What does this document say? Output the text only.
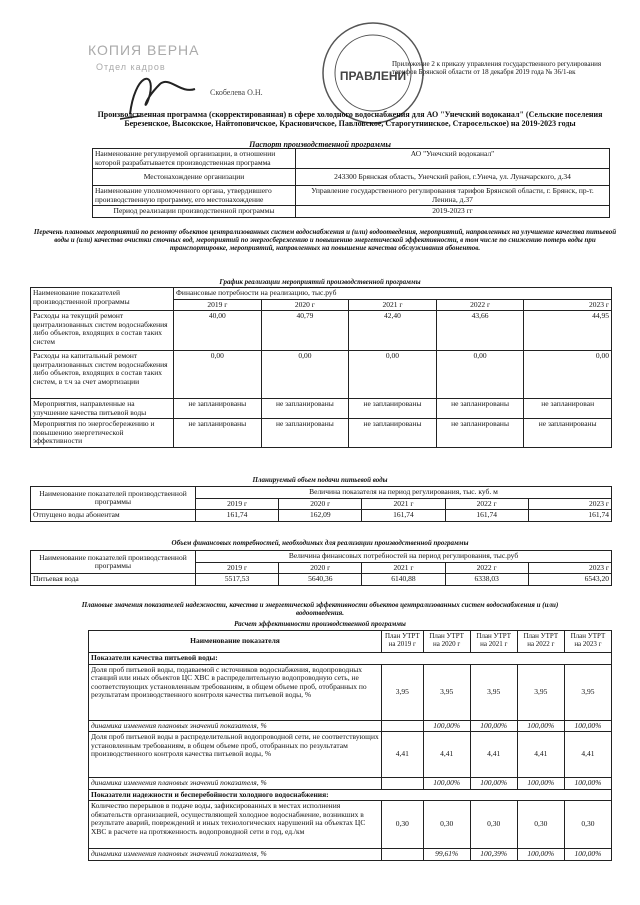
КОПИЯ ВЕРНА
Отдел кадров
Скобелева О.Н.
ПРАВЛЕНИ
Приложение 2 к приказу управления государственного регулирования тарифов Брянской области от 18 декабря 2019 года № 36/1-вк
Производственная программа (скорректированная) в сфере холодного водоснабжения для АО "Унечский водоканал" (Сельские поселения Березенское, Высокское, Найтоповичское, Красновичское, Павловское, Старогутнинское, Старосельское) на 2019-2023 годы
Паспорт производственной программы
Наименование регулируемой организации, в отношении которой разрабатывается производственная программа	АО "Унечский водоканал"
Местонахождение организации	243300 Брянская область, Унечский район, г.Унеча, ул. Луначарского, д.34
Наименование уполномоченного органа, утвердившего производственную программу, его местонахождение	Управление государственного регулирования тарифов Брянской области, г. Брянск, пр-т. Ленина, д.37
Период реализации производственной программы	2019-2023 гг
Перечень плановых мероприятий по ремонту объектов централизованных систем водоснабжения и (или) водоотведения, мероприятий, направленных на улучшение качества питьевой воды и (или) качества очистки сточных вод, мероприятий по энергосбережению и повышению энергетической эффективности, в том числе по снижению потерь воды при транспортировке, мероприятий, направленных на повышение качества обслуживания абонентов.
График реализации мероприятий производственной программы
Наименование показателей производственной программы	Финансовые потребности на реализацию, тыс.руб				
	2019 г	2020 г	2021 г	2022 г	2023 г
Расходы на текущий ремонт централизованных систем водоснабжения либо объектов, входящих в состав таких систем	40,00	40,79	42,40	43,66	44,95
Расходы на капитальный ремонт централизованных систем водоснабжения либо объектов, входящих в состав таких систем, в т.ч за счет амортизации	0,00	0,00	0,00	0,00	0,00
Мероприятия, направленные на улучшение качества питьевой воды	не запланированы	не запланированы	не запланированы	не запланированы	не запланирован
Мероприятия по энергосбережению и повышению энергетической эффективности	не запланированы	не запланированы	не запланированы	не запланированы	не запланированы
Планируемый объем подачи питьевой воды
Наименование показателей производственной программы	Величина показателя на период регулирования, тыс. куб. м				
	2019 г	2020 г	2021 г	2022 г	2023 г
Отпущено воды абонентам	161,74	162,09	161,74	161,74	161,74
Объем финансовых потребностей, необходимых для реализации производственной программы
Наименование показателей производственной программы	Величина финансовых потребностей на период регулирования, тыс.руб				
	2019 г	2020 г	2021 г	2022 г	2023 г
Питьевая вода	5517,53	5640,36	6140,88	6338,03	6543,20
Плановые значения показателей надежности, качества и энергетической эффективности объектов централизованных систем водоснабжения и (или) водоотведения.
Расчет эффективности производственной программы
Наименование показателя	План УТРТ на 2019 г	План УТРТ на 2020 г	План УТРТ на 2021 г	План УТРТ на 2022 г	План УТРТ на 2023 г
Показатели качества питьевой воды:					
Доля проб питьевой воды, подаваемой с источников водоснабжения, водопроводных станций или иных объектов ЦС ХВС в распределительную водопроводную сеть, не соответствующих установленным требованиям, в общем объеме проб, отобранных по результатам производственного контроля качества питьевой воды, %	3,95	3,95	3,95	3,95	3,95
динамика изменения плановых значений показателя, %		100,00%	100,00%	100,00%	100,00%
Доля проб питьевой воды в распределительной водопроводной сети, не соответствующих установленным требованиям, в общем объеме проб, отобранных по результатам производственного контроля качества питьевой воды, %	4,41	4,41	4,41	4,41	4,41
динамика изменения плановых значений показателя, %		100,00%	100,00%	100,00%	100,00%
Показатели надежности и бесперебойности холодного водоснабжения:					
Количество перерывов в подаче воды, зафиксированных в местах исполнения обязательств организацией, осуществляющей холодное водоснабжение, возникших в результате аварий, повреждений и иных технологических нарушений на объектах ЦС ХВС в расчете на протяженность водопроводной сети в год, ед./км	0,30	0,30	0,30	0,30	0,30
динамика изменения плановых значений показателя, %		99,61%	100,39%	100,00%	100,00%
